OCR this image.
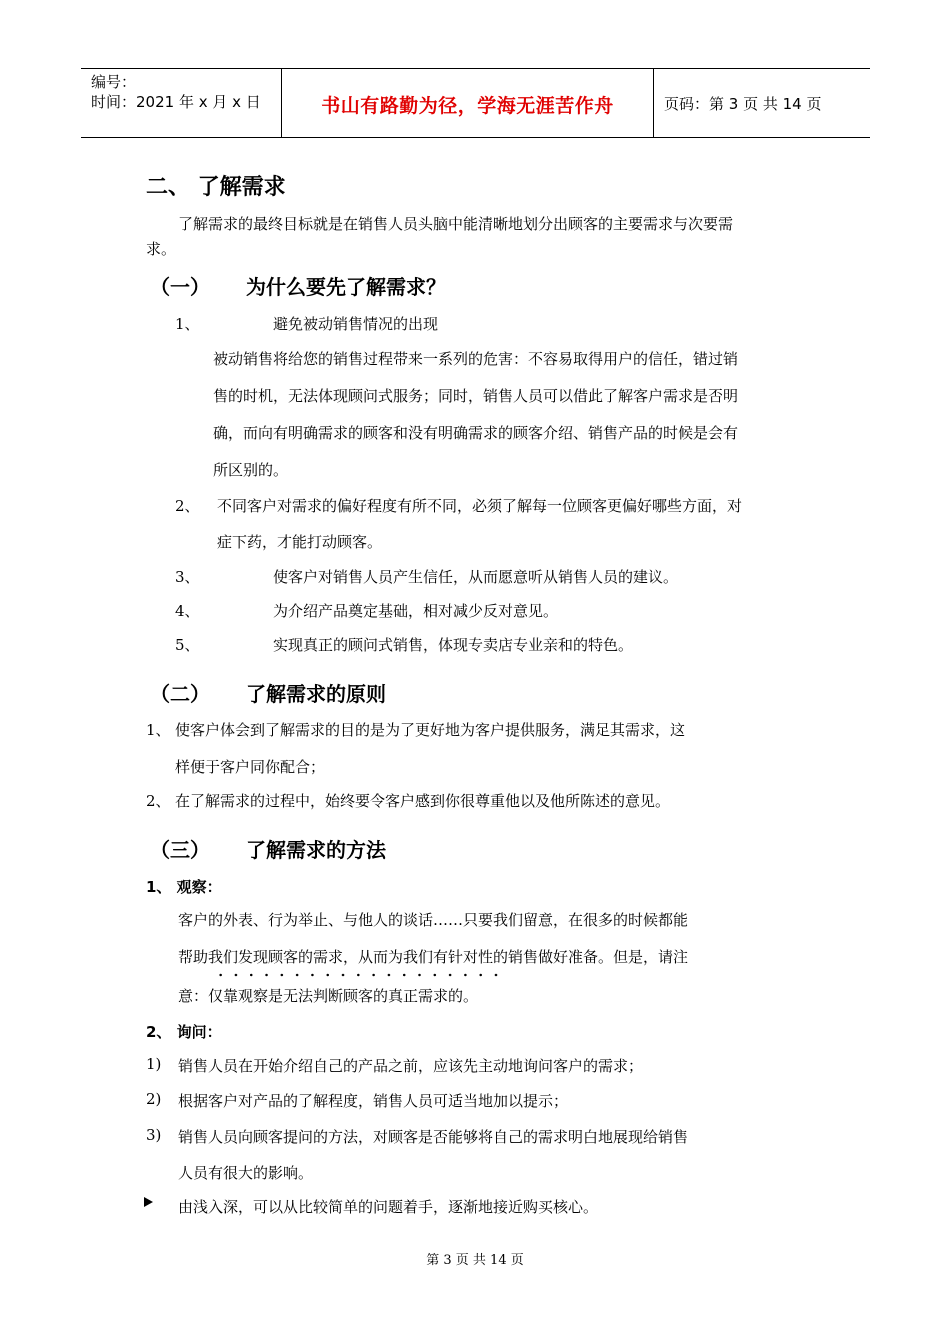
编号：
时间：2021 年 x 月 x 日	书山有路勤为径，学海无涯苦作舟	页码：第 3 页 共 14 页
二、 了解需求
了解需求的最终目标就是在销售人员头脑中能清晰地划分出顾客的主要需求与次要需
求。
（一） 为什么要先了解需求？
1、	避免被动销售情况的出现
被动销售将给您的销售过程带来一系列的危害：不容易取得用户的信任，错过销
售的时机，无法体现顾问式服务；同时，销售人员可以借此了解客户需求是否明
确，而向有明确需求的顾客和没有明确需求的顾客介绍、销售产品的时候是会有
所区别的。
2、 不同客户对需求的偏好程度有所不同，必须了解每一位顾客更偏好哪些方面，对
症下药，才能打动顾客。
3、	使客户对销售人员产生信任，从而愿意听从销售人员的建议。
4、	为介绍产品奠定基础，相对减少反对意见。
5、	实现真正的顾问式销售，体现专卖店专业亲和的特色。
（二） 了解需求的原则
1、 使客户体会到了解需求的目的是为了更好地为客户提供服务，满足其需求，这
样便于客户同你配合；
2、 在了解需求的过程中，始终要令客户感到你很尊重他以及他所陈述的意见。
（三） 了解需求的方法
1、 观察：
客户的外表、行为举止、与他人的谈话……只要我们留意，在很多的时候都能
帮助我们发现顾客的需求，从而为我们有针对性的销售做好准备。但是，请注
意：仅靠观察是无法判断顾客的真正需求的。
2、 询问：
1) 销售人员在开始介绍自己的产品之前，应该先主动地询问客户的需求；
2) 根据客户对产品的了解程度，销售人员可适当地加以提示；
3) 销售人员向顾客提问的方法，对顾客是否能够将自己的需求明白地展现给销售
人员有很大的影响。
由浅入深，可以从比较简单的问题着手，逐渐地接近购买核心。
第 3 页 共 14 页
